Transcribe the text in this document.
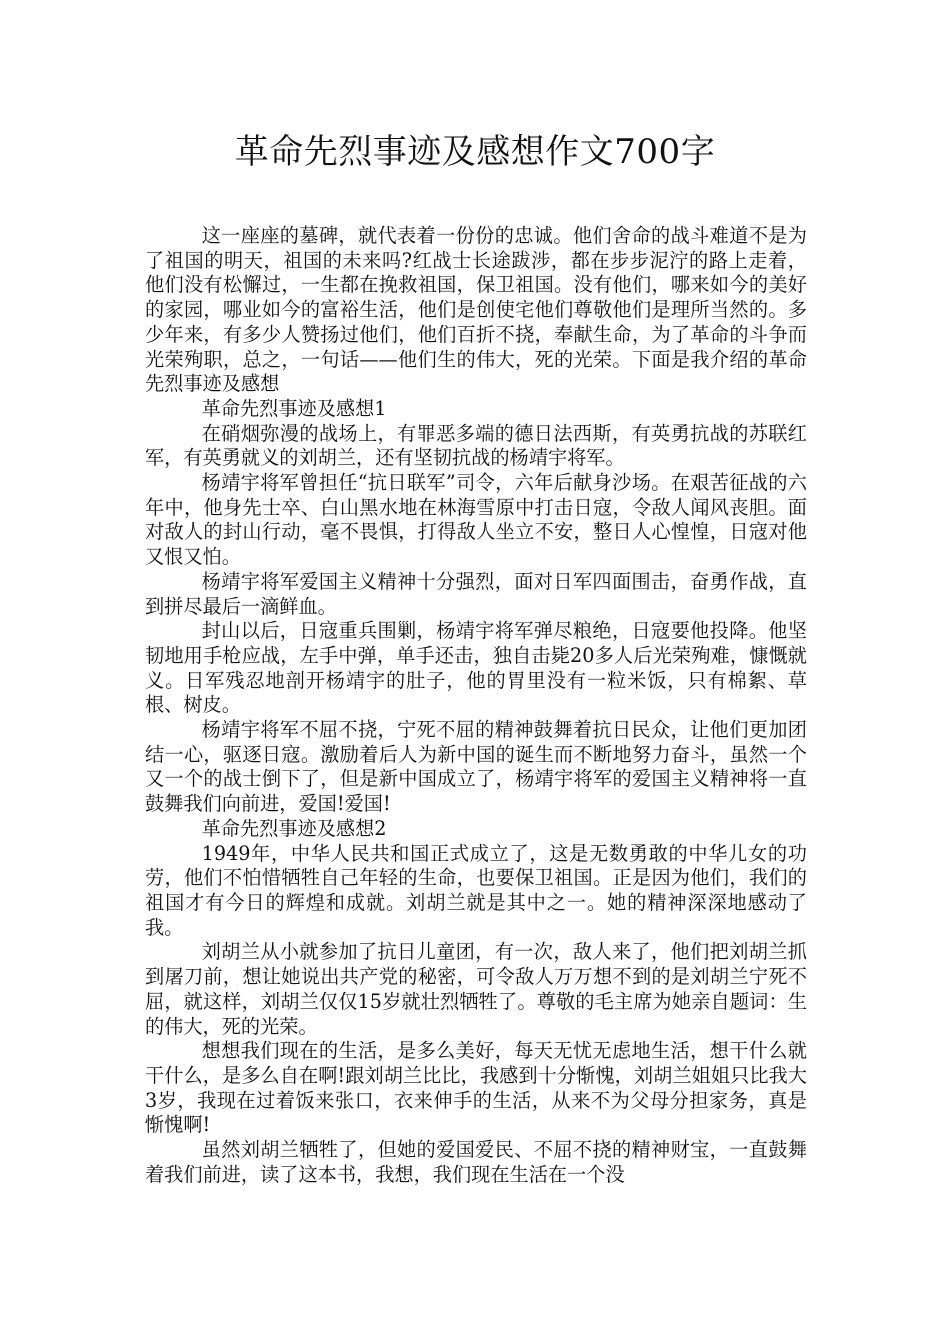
革命先烈事迹及感想作文700字

这一座座的墓碑，就代表着一份份的忠诚。他们舍命的战斗难道不是为了祖国的明天，祖国的未来吗?红战士长途跋涉，都在步步泥泞的路上走着，他们没有松懈过，一生都在挽救祖国，保卫祖国。没有他们，哪来如今的美好的家园，哪业如今的富裕生活，他们是创使宅他们尊敬他们是理所当然的。多少年来，有多少人赞扬过他们，他们百折不挠，奉献生命，为了革命的斗争而光荣殉职，总之，一句话——他们生的伟大，死的光荣。下面是我介绍的革命先烈事迹及感想

革命先烈事迹及感想1

在硝烟弥漫的战场上，有罪恶多端的德日法西斯，有英勇抗战的苏联红军，有英勇就义的刘胡兰，还有坚韧抗战的杨靖宇将军。

杨靖宇将军曾担任“抗日联军”司令，六年后献身沙场。在艰苦征战的六年中，他身先士卒、白山黑水地在林海雪原中打击日寇，令敌人闻风丧胆。面对敌人的封山行动，毫不畏惧，打得敌人坐立不安，整日人心惶惶，日寇对他又恨又怕。

杨靖宇将军爱国主义精神十分强烈，面对日军四面围击，奋勇作战，直到拼尽最后一滴鲜血。

封山以后，日寇重兵围剿，杨靖宇将军弹尽粮绝，日寇要他投降。他坚韧地用手枪应战，左手中弹，单手还击，独自击毙20多人后光荣殉难，慷慨就义。日军残忍地剖开杨靖宇的肚子，他的胃里没有一粒米饭，只有棉絮、草根、树皮。

杨靖宇将军不屈不挠，宁死不屈的精神鼓舞着抗日民众，让他们更加团结一心，驱逐日寇。激励着后人为新中国的诞生而不断地努力奋斗，虽然一个又一个的战士倒下了，但是新中国成立了，杨靖宇将军的爱国主义精神将一直鼓舞我们向前进，爱国!爱国!

革命先烈事迹及感想2

1949年，中华人民共和国正式成立了，这是无数勇敢的中华儿女的功劳，他们不怕惜牺牲自己年轻的生命，也要保卫祖国。正是因为他们，我们的祖国才有今日的辉煌和成就。刘胡兰就是其中之一。她的精神深深地感动了我。

刘胡兰从小就参加了抗日儿童团，有一次，敌人来了，他们把刘胡兰抓到屠刀前，想让她说出共产党的秘密，可令敌人万万想不到的是刘胡兰宁死不屈，就这样，刘胡兰仅仅15岁就壮烈牺牲了。尊敬的毛主席为她亲自题词：生的伟大，死的光荣。

想想我们现在的生活，是多么美好，每天无忧无虑地生活，想干什么就干什么，是多么自在啊!跟刘胡兰比比，我感到十分惭愧，刘胡兰姐姐只比我大3岁，我现在过着饭来张口，衣来伸手的生活，从来不为父母分担家务，真是惭愧啊!

虽然刘胡兰牺牲了，但她的爱国爱民、不屈不挠的精神财宝，一直鼓舞着我们前进，读了这本书，我想，我们现在生活在一个没
